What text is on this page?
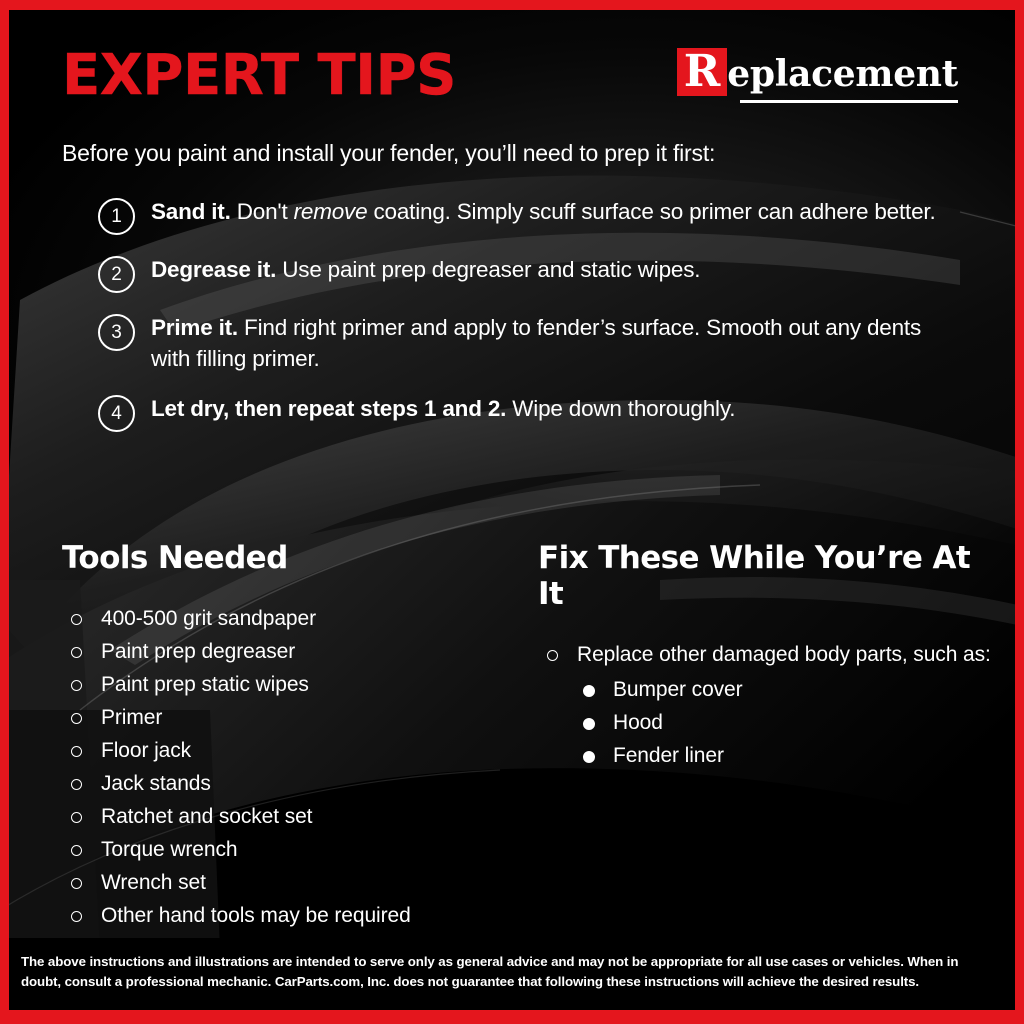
EXPERT TIPS	R eplacement
Before you paint and install your fender, you’ll need to prep it first:
1	Sand it. Don't remove coating. Simply scuff surface so primer can adhere better.
2	Degrease it. Use paint prep degreaser and static wipes.
3	Prime it. Find right primer and apply to fender’s surface. Smooth out any dents with filling primer.
4	Let dry, then repeat steps 1 and 2. Wipe down thoroughly.
Tools Needed
400-500 grit sandpaper
Paint prep degreaser
Paint prep static wipes
Primer
Floor jack
Jack stands
Ratchet and socket set
Torque wrench
Wrench set
Other hand tools may be required
Fix These While You’re At It
Replace other damaged body parts, such as:
Bumper cover
Hood
Fender liner
The above instructions and illustrations are intended to serve only as general advice and may not be appropriate for all use cases or vehicles. When in doubt, consult a professional mechanic. CarParts.com, Inc. does not guarantee that following these instructions will achieve the desired results.
